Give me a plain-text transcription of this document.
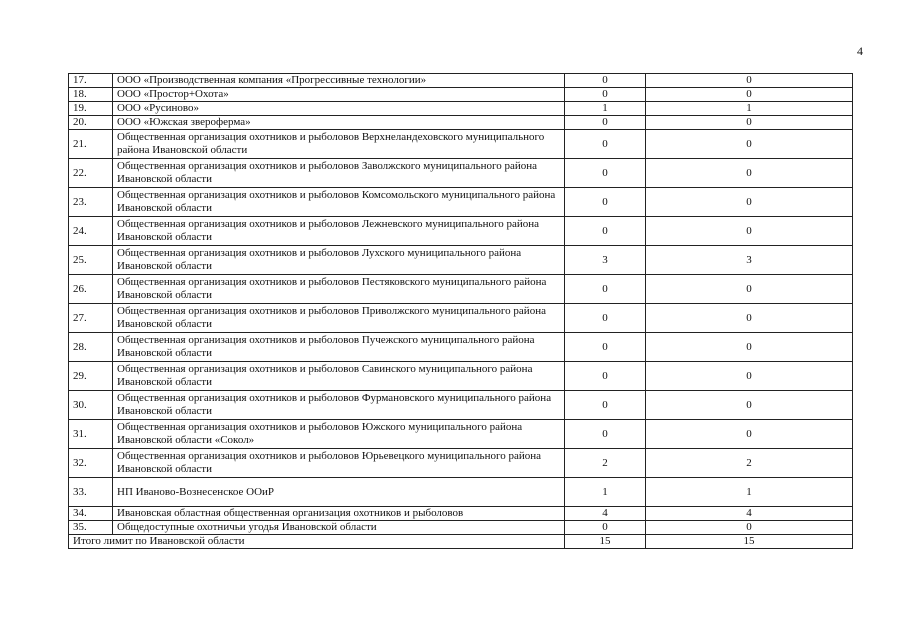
4
17.	ООО «Производственная компания «Прогрессивные технологии»	0	0
18.	ООО «Простор+Охота»	0	0
19.	ООО «Русиново»	1	1
20.	ООО «Южская звероферма»	0	0
21.	Общественная организация охотников и рыболовов Верхнеландеховского муниципального района Ивановской области	0	0
22.	Общественная организация охотников и рыболовов Заволжского муниципального района Ивановской области	0	0
23.	Общественная организация охотников и рыболовов Комсомольского муниципального района Ивановской области	0	0
24.	Общественная организация охотников и рыболовов Лежневского муниципального района Ивановской области	0	0
25.	Общественная организация охотников и рыболовов Лухского муниципального района Ивановской области	3	3
26.	Общественная организация охотников и рыболовов Пестяковского муниципального района Ивановской области	0	0
27.	Общественная организация охотников и рыболовов Приволжского муниципального района Ивановской области	0	0
28.	Общественная организация охотников и рыболовов Пучежского муниципального района Ивановской области	0	0
29.	Общественная организация охотников и рыболовов Савинского муниципального района Ивановской области	0	0
30.	Общественная организация охотников и рыболовов Фурмановского муниципального района Ивановской области	0	0
31.	Общественная организация охотников и рыболовов Южского муниципального района Ивановской области «Сокол»	0	0
32.	Общественная организация охотников и рыболовов Юрьевецкого муниципального района Ивановской области	2	2
33.	НП Иваново-Вознесенское ООиР	1	1
34.	Ивановская областная общественная организация охотников и рыболовов	4	4
35.	Общедоступные охотничьи угодья Ивановской области	0	0
Итого лимит по Ивановской области		15	15
